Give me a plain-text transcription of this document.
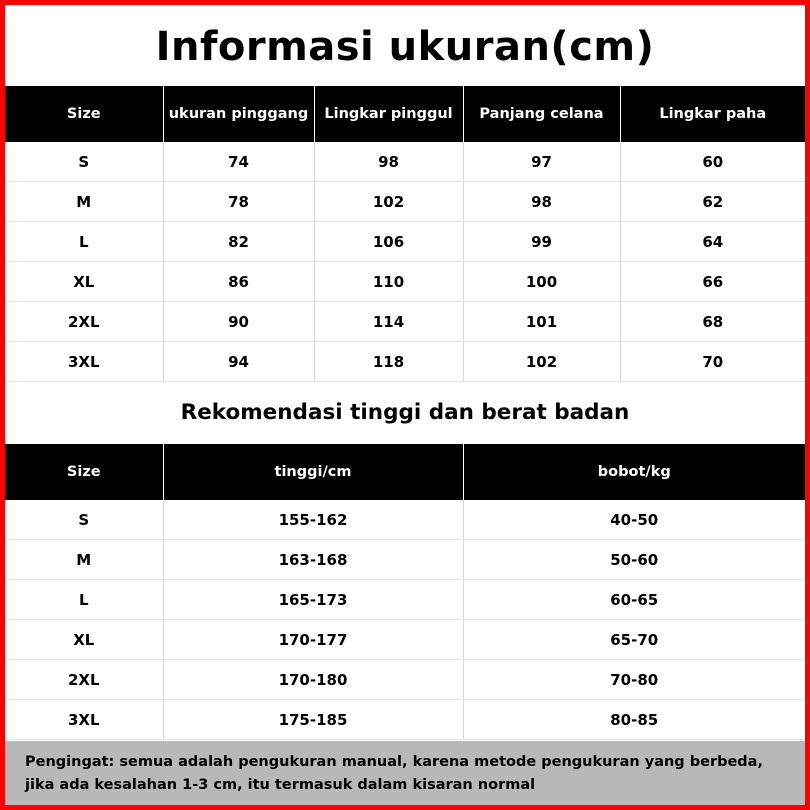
Informasi ukuran(cm)
Size	ukuran pinggang	Lingkar pinggul	Panjang celana	Lingkar paha
S	74	98	97	60
M	78	102	98	62
L	82	106	99	64
XL	86	110	100	66
2XL	90	114	101	68
3XL	94	118	102	70
Rekomendasi tinggi dan berat badan
Size	tinggi/cm	bobot/kg
S	155-162	40-50
M	163-168	50-60
L	165-173	60-65
XL	170-177	65-70
2XL	170-180	70-80
3XL	175-185	80-85
Pengingat: semua adalah pengukuran manual, karena metode pengukuran yang berbeda, jika ada kesalahan 1-3 cm, itu termasuk dalam kisaran normal
